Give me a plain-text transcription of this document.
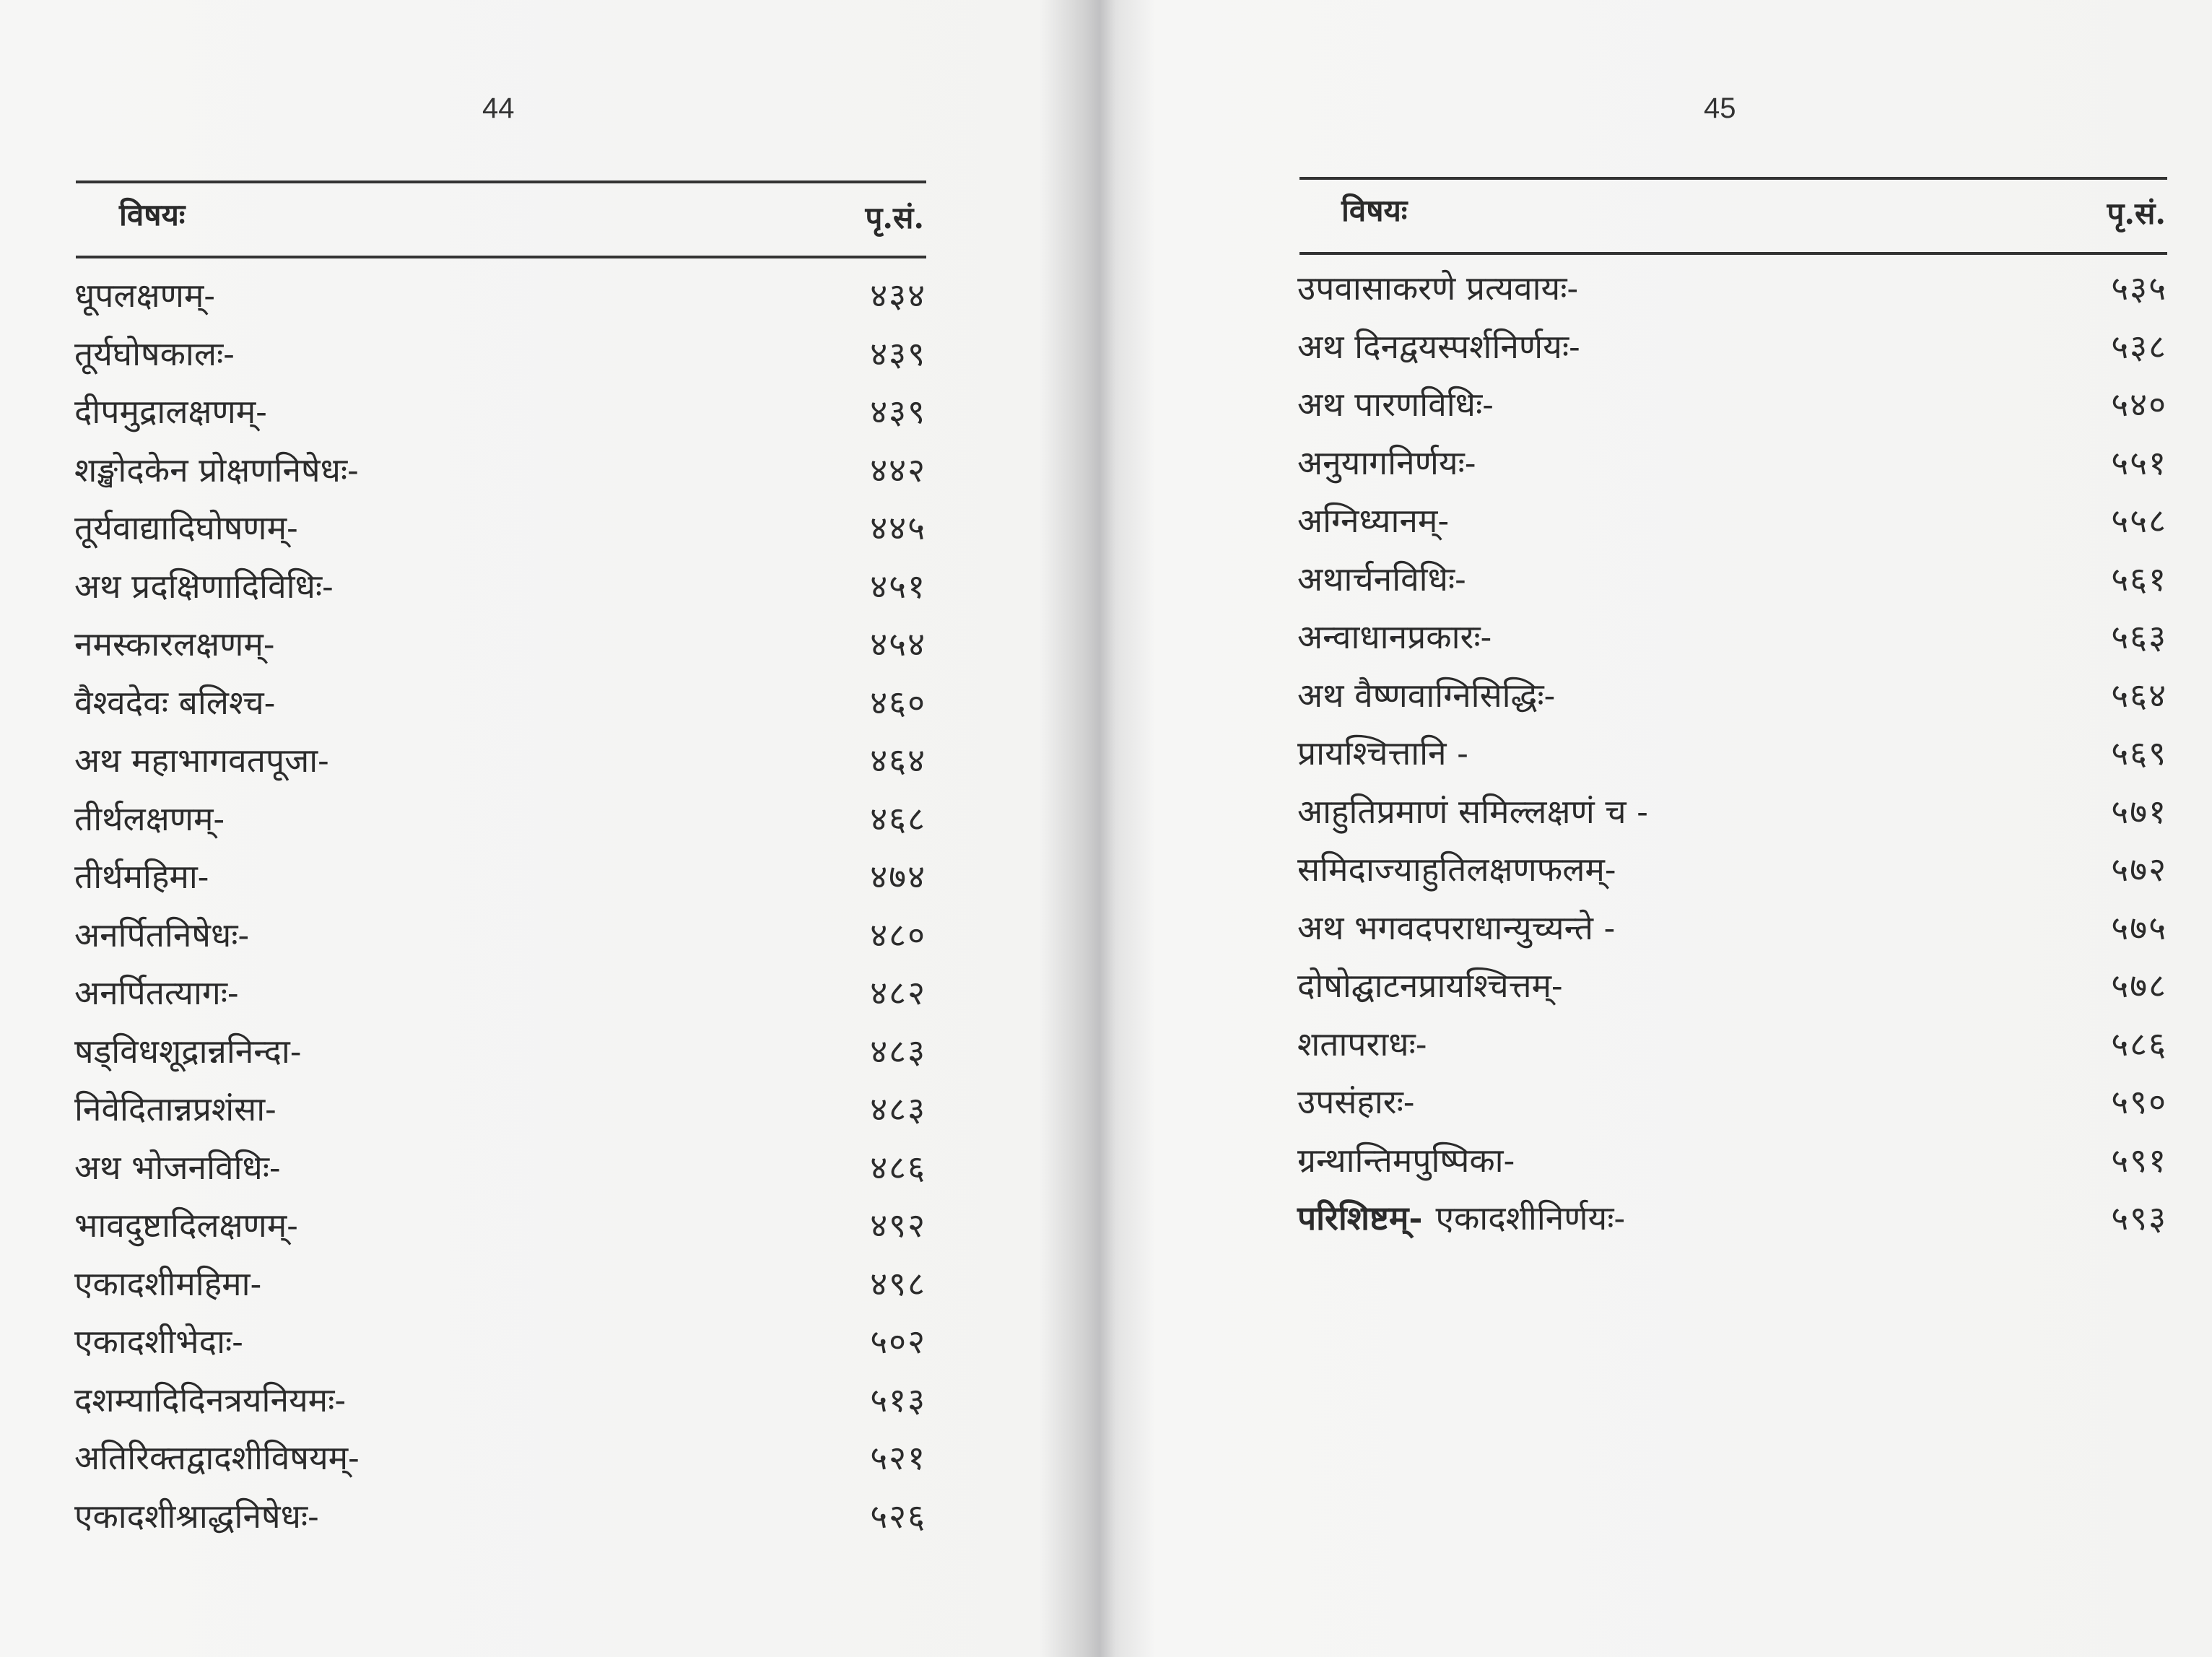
44
विषयः	पृ.सं.
धूपलक्षणम्-	४३४
तूर्यघोषकालः-	४३९
दीपमुद्रालक्षणम्-	४३९
शङ्खोदकेन प्रोक्षणनिषेधः-	४४२
तूर्यवाद्यादिघोषणम्-	४४५
अथ प्रदक्षिणादिविधिः-	४५१
नमस्कारलक्षणम्-	४५४
वैश्वदेवः बलिश्च-	४६०
अथ महाभागवतपूजा-	४६४
तीर्थलक्षणम्-	४६८
तीर्थमहिमा-	४७४
अनर्पितनिषेधः-	४८०
अनर्पितत्यागः-	४८२
षड्विधशूद्रान्ननिन्दा-	४८३
निवेदितान्नप्रशंसा-	४८३
अथ भोजनविधिः-	४८६
भावदुष्टादिलक्षणम्-	४९२
एकादशीमहिमा-	४९८
एकादशीभेदाः-	५०२
दशम्यादिदिनत्रयनियमः-	५१३
अतिरिक्तद्वादशीविषयम्-	५२१
एकादशीश्राद्धनिषेधः-	५२६
45
विषयः	पृ.सं.
उपवासाकरणे प्रत्यवायः-	५३५
अथ दिनद्वयस्पर्शनिर्णयः-	५३८
अथ पारणविधिः-	५४०
अनुयागनिर्णयः-	५५१
अग्निध्यानम्-	५५८
अथार्चनविधिः-	५६१
अन्वाधानप्रकारः-	५६३
अथ वैष्णवाग्निसिद्धिः-	५६४
प्रायश्चित्तानि -	५६९
आहुतिप्रमाणं समिल्लक्षणं च -	५७१
समिदाज्याहुतिलक्षणफलम्-	५७२
अथ भगवदपराधान्युच्यन्ते -	५७५
दोषोद्घाटनप्रायश्चित्तम्-	५७८
शतापराधः-	५८६
उपसंहारः-	५९०
ग्रन्थान्तिमपुष्पिका-	५९१
परिशिष्टम्- एकादशीनिर्णयः-	५९३
